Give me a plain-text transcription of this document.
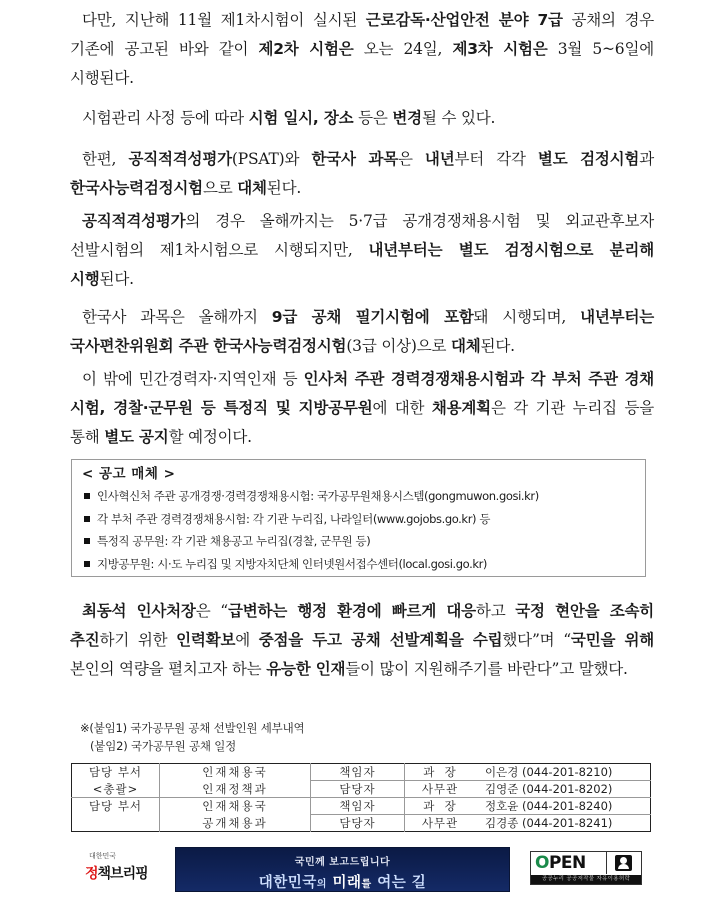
다만, 지난해 11월 제1차시험이 실시된 근로감독·산업안전 분야 7급 공채의 경우 기존에 공고된 바와 같이 제2차 시험은 오는 24일, 제3차 시험은 3월 5~6일에 시행된다.
시험관리 사정 등에 따라 시험 일시, 장소 등은 변경될 수 있다.
한편, 공직적격성평가(PSAT)와 한국사 과목은 내년부터 각각 별도 검정시험과 한국사능력검정시험으로 대체된다.
공직적격성평가의 경우 올해까지는 5·7급 공개경쟁채용시험 및 외교관후보자 선발시험의 제1차시험으로 시행되지만, 내년부터는 별도 검정시험으로 분리해 시행된다.
한국사 과목은 올해까지 9급 공채 필기시험에 포함돼 시행되며, 내년부터는 국사편찬위원회 주관 한국사능력검정시험(3급 이상)으로 대체된다.
이 밖에 민간경력자·지역인재 등 인사처 주관 경력경쟁채용시험과 각 부처 주관 경채 시험, 경찰·군무원 등 특정직 및 지방공무원에 대한 채용계획은 각 기관 누리집 등을 통해 별도 공지할 예정이다.
< 공고 매체 >
인사혁신처 주관 공개경쟁·경력경쟁채용시험: 국가공무원채용시스템(gongmuwon.gosi.kr)
각 부처 주관 경력경쟁채용시험: 각 기관 누리집, 나라일터(www.gojobs.go.kr) 등
특정직 공무원: 각 기관 채용공고 누리집(경찰, 군무원 등)
지방공무원: 시·도 누리집 및 지방자치단체 인터넷원서접수센터(local.gosi.go.kr)
최동석 인사처장은 “급변하는 행정 환경에 빠르게 대응하고 국정 현안을 조속히 추진하기 위한 인력확보에 중점을 두고 공채 선발계획을 수립했다”며 “국민을 위해 본인의 역량을 펼치고자 하는 유능한 인재들이 많이 지원해주기를 바란다”고 말했다.
※(붙임1) 국가공무원 공채 선발인원 세부내역
(붙임2) 국가공무원 공채 일정
담당 부서	인재채용국	책임자	과  장	이은경 (044-201-8210)
<총괄>	인재정책과	담당자	사무관	김영준 (044-201-8202)
담당 부서	인재채용국	책임자	과  장	정호윤 (044-201-8240)
	공개채용과	담당자	사무관	김경종 (044-201-8241)
대한민국
정책브리핑
국민께 보고드립니다
대한민국의 미래를 여는 길
OPEN
공공누리 공공저작물 자유이용허락
